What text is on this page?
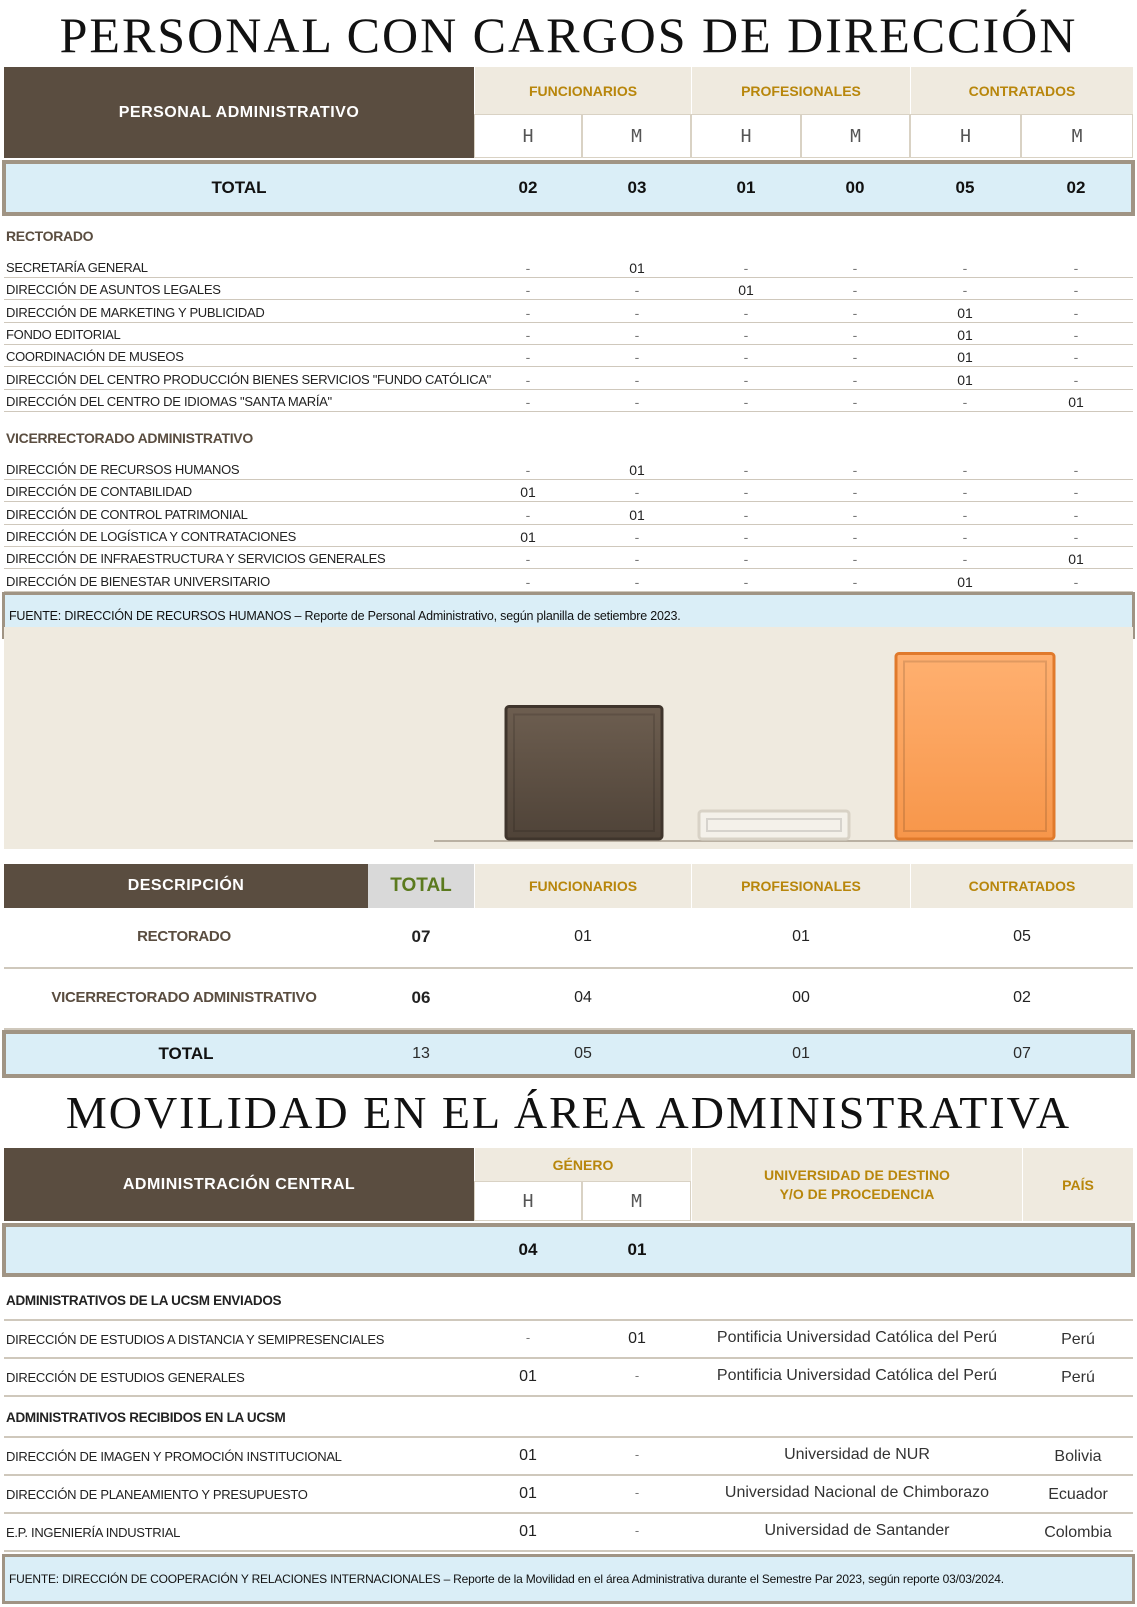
PERSONAL CON CARGOS DE DIRECCIÓN
PERSONAL ADMINISTRATIVO
FUNCIONARIOS	PROFESIONALES	CONTRATADOS
H	M	H	M	H	M
TOTAL	02	03	01	00	05	02
RECTORADO
SECRETARÍA GENERAL	-	01	-	-	-	-
DIRECCIÓN DE ASUNTOS LEGALES	-	-	01	-	-	-
DIRECCIÓN DE MARKETING Y PUBLICIDAD	-	-	-	-	01	-
FONDO EDITORIAL	-	-	-	-	01	-
COORDINACIÓN DE MUSEOS	-	-	-	-	01	-
DIRECCIÓN DEL CENTRO PRODUCCIÓN BIENES SERVICIOS "FUNDO CATÓLICA"	-	-	-	-	01	-
DIRECCIÓN DEL CENTRO DE IDIOMAS "SANTA MARÍA"	-	-	-	-	-	01
VICERRECTORADO ADMINISTRATIVO
DIRECCIÓN DE RECURSOS HUMANOS	-	01	-	-	-	-
DIRECCIÓN DE CONTABILIDAD	01	-	-	-	-	-
DIRECCIÓN DE CONTROL PATRIMONIAL	-	01	-	-	-	-
DIRECCIÓN DE LOGÍSTICA Y CONTRATACIONES	01	-	-	-	-	-
DIRECCIÓN DE INFRAESTRUCTURA Y SERVICIOS GENERALES	-	-	-	-	-	01
DIRECCIÓN DE BIENESTAR UNIVERSITARIO	-	-	-	-	01	-
FUENTE: DIRECCIÓN DE RECURSOS HUMANOS – Reporte de Personal Administrativo, según planilla de setiembre 2023.
DESCRIPCIÓN	TOTAL	FUNCIONARIOS	PROFESIONALES	CONTRATADOS
RECTORADO	07	01	01	05
VICERRECTORADO ADMINISTRATIVO	06	04	00	02
TOTAL	13	05	01	07
MOVILIDAD EN EL ÁREA ADMINISTRATIVA
ADMINISTRACIÓN CENTRAL
GÉNERO
H	M
UNIVERSIDAD DE DESTINO
Y/O DE PROCEDENCIA
PAÍS
04	01
ADMINISTRATIVOS DE LA UCSM ENVIADOS
DIRECCIÓN DE ESTUDIOS A DISTANCIA Y SEMIPRESENCIALES	-	01	Pontificia Universidad Católica del Perú	Perú
DIRECCIÓN DE ESTUDIOS GENERALES	01	-	Pontificia Universidad Católica del Perú	Perú
ADMINISTRATIVOS RECIBIDOS EN LA UCSM
DIRECCIÓN DE IMAGEN Y PROMOCIÓN INSTITUCIONAL	01	-	Universidad de NUR	Bolivia
DIRECCIÓN DE PLANEAMIENTO Y PRESUPUESTO	01	-	Universidad Nacional de Chimborazo	Ecuador
E.P. INGENIERÍA INDUSTRIAL	01	-	Universidad de Santander	Colombia
FUENTE: DIRECCIÓN DE COOPERACIÓN Y RELACIONES INTERNACIONALES – Reporte de la Movilidad en el área Administrativa durante el Semestre Par 2023, según reporte 03/03/2024.
